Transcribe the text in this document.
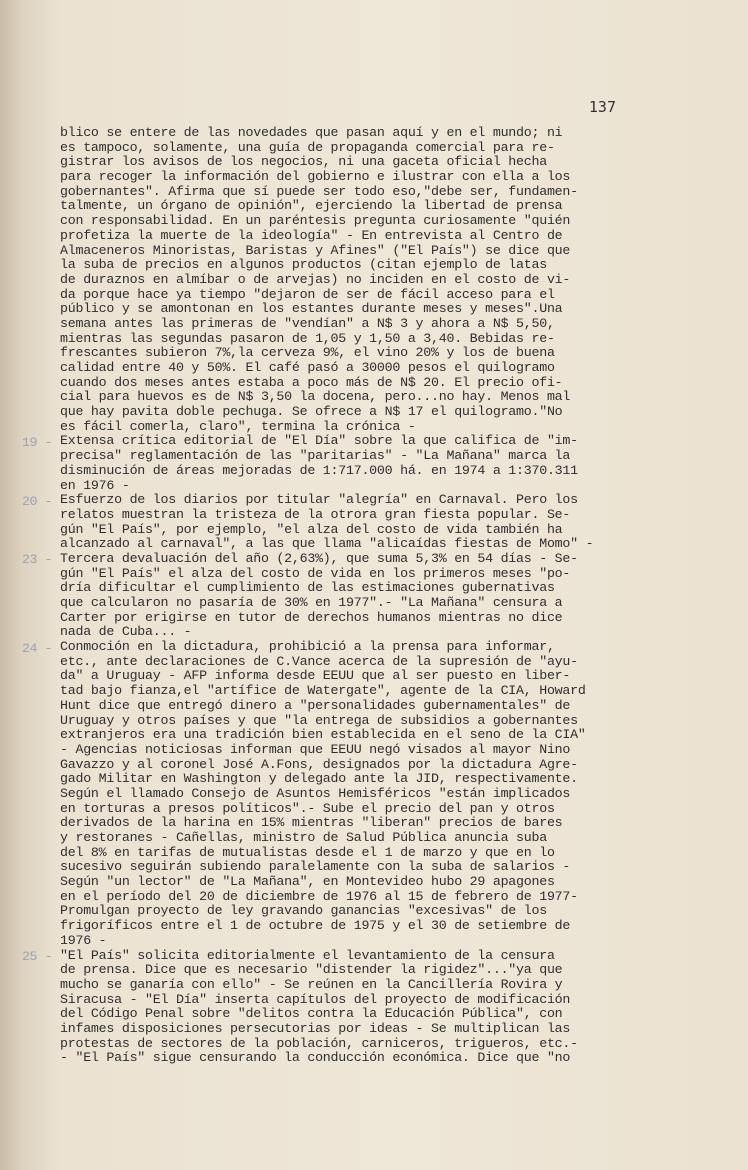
137
blico se entere de las novedades que pasan aquí y en el mundo; ni
es tampoco, solamente, una guía de propaganda comercial para re-
gistrar los avisos de los negocios, ni una gaceta oficial hecha
para recoger la información del gobierno e ilustrar con ella a los
gobernantes". Afirma que sí puede ser todo eso,"debe ser, fundamen-
talmente, un órgano de opinión", ejerciendo la libertad de prensa
con responsabilidad. En un paréntesis pregunta curiosamente "quién
profetiza la muerte de la ideología" - En entrevista al Centro de
Almaceneros Minoristas, Baristas y Afines" ("El País") se dice que
la suba de precios en algunos productos (citan ejemplo de latas
de duraznos en almíbar o de arvejas) no inciden en el costo de vi-
da porque hace ya tiempo "dejaron de ser de fácil acceso para el
público y se amontonan en los estantes durante meses y meses".Una
semana antes las primeras de "vendían" a N$ 3 y ahora a N$ 5,50,
mientras las segundas pasaron de 1,05 y 1,50 a 3,40. Bebidas re-
frescantes subieron 7%,la cerveza 9%, el vino 20% y los de buena
calidad entre 40 y 50%. El café pasó a 30000 pesos el quilogramo
cuando dos meses antes estaba a poco más de N$ 20. El precio ofi-
cial para huevos es de N$ 3,50 la docena, pero...no hay. Menos mal
que hay pavita doble pechuga. Se ofrece a N$ 17 el quilogramo."No
es fácil comerla, claro", termina la crónica -
Extensa crítica editorial de "El Día" sobre la que califica de "im-
precisa" reglamentación de las "paritarias" - "La Mañana" marca la
disminución de áreas mejoradas de 1:717.000 há. en 1974 a 1:370.311
en 1976 -
Esfuerzo de los diarios por titular "alegría" en Carnaval. Pero los
relatos muestran la tristeza de la otrora gran fiesta popular. Se-
gún "El País", por ejemplo, "el alza del costo de vida también ha
alcanzado al carnaval", a las que llama "alicaídas fiestas de Momo" -
Tercera devaluación del año (2,63%), que suma 5,3% en 54 días - Se-
gún "El País" el alza del costo de vida en los primeros meses "po-
dría dificultar el cumplimiento de las estimaciones gubernativas
que calcularon no pasaría de 30% en 1977".- "La Mañana" censura a
Carter por erigirse en tutor de derechos humanos mientras no dice
nada de Cuba... -
Conmoción en la dictadura, prohibició a la prensa para informar,
etc., ante declaraciones de C.Vance acerca de la supresión de "ayu-
da" a Uruguay - AFP informa desde EEUU que al ser puesto en liber-
tad bajo fianza,el "artífice de Watergate", agente de la CIA, Howard
Hunt dice que entregó dinero a "personalidades gubernamentales" de
Uruguay y otros países y que "la entrega de subsidios a gobernantes
extranjeros era una tradición bien establecida en el seno de la CIA"
- Agencias noticiosas informan que EEUU negó visados al mayor Nino
Gavazzo y al coronel José A.Fons, designados por la dictadura Agre-
gado Militar en Washington y delegado ante la JID, respectivamente.
Según el llamado Consejo de Asuntos Hemisféricos "están implicados
en torturas a presos políticos".- Sube el precio del pan y otros
derivados de la harina en 15% mientras "liberan" precios de bares
y restoranes - Cañellas, ministro de Salud Pública anuncia suba
del 8% en tarifas de mutualistas desde el 1 de marzo y que en lo
sucesivo seguirán subiendo paralelamente con la suba de salarios -
Según "un lector" de "La Mañana", en Montevideo hubo 29 apagones
en el período del 20 de diciembre de 1976 al 15 de febrero de 1977-
Promulgan proyecto de ley gravando ganancias "excesivas" de los
frigoríficos entre el 1 de octubre de 1975 y el 30 de setiembre de
1976 -
"El País" solicita editorialmente el levantamiento de la censura
de prensa. Dice que es necesario "distender la rigidez"..."ya que
mucho se ganaría con ello" - Se reúnen en la Cancillería Rovira y
Siracusa - "El Día" inserta capítulos del proyecto de modificación
del Código Penal sobre "delitos contra la Educación Pública", con
infames disposiciones persecutorias por ideas - Se multiplican las
protestas de sectores de la población, carniceros, trigueros, etc.-
- "El País" sigue censurando la conducción económica. Dice que "no
19 -
20 -
23 -
24 -
25 -
